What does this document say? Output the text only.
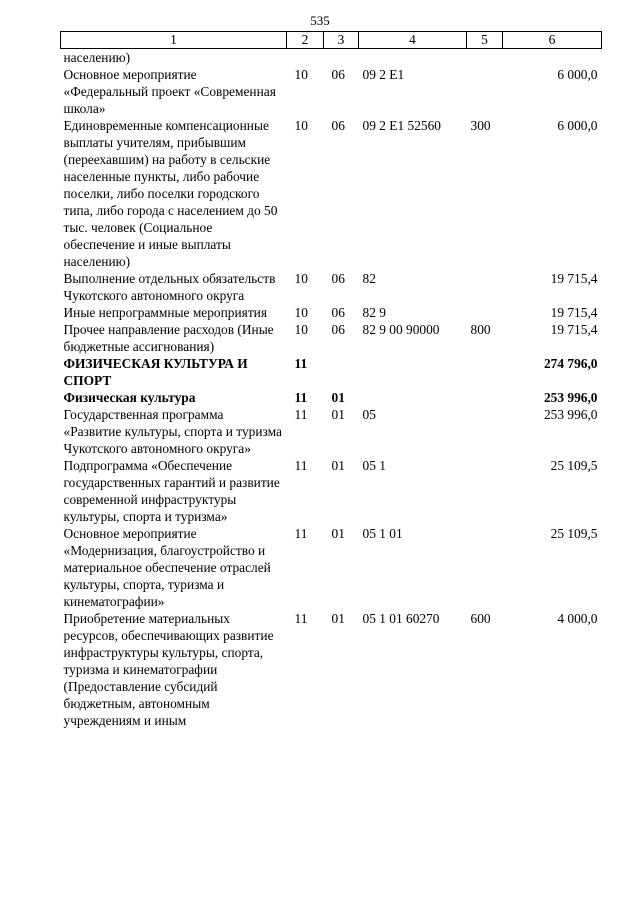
535
1	2	3	4	5	6
населению)					
Основное мероприятие «Федеральный проект «Современная школа»	10	06	09 2 E1		6 000,0
Единовременные компенсационные выплаты учителям, прибывшим (переехавшим) на работу в сельские населенные пункты, либо рабочие поселки, либо поселки городского типа, либо города с населением до 50 тыс. человек (Социальное обеспечение и иные выплаты населению)	10	06	09 2 E1 52560	300	6 000,0
Выполнение отдельных обязательств Чукотского автономного округа	10	06	82		19 715,4
Иные непрограммные мероприятия	10	06	82 9		19 715,4
Прочее направление расходов (Иные бюджетные ассигнования)	10	06	82 9 00 90000	800	19 715,4
ФИЗИЧЕСКАЯ КУЛЬТУРА И СПОРТ	11				274 796,0
Физическая культура	11	01			253 996,0
Государственная программа «Развитие культуры, спорта и туризма Чукотского автономного округа»	11	01	05		253 996,0
Подпрограмма «Обеспечение государственных гарантий и развитие современной инфраструктуры культуры, спорта и туризма»	11	01	05 1		25 109,5
Основное мероприятие «Модернизация, благоустройство и материальное обеспечение отраслей культуры, спорта, туризма и кинематографии»	11	01	05 1 01		25 109,5
Приобретение материальных ресурсов, обеспечивающих развитие инфраструктуры культуры, спорта, туризма и кинематографии (Предоставление субсидий бюджетным, автономным учреждениям и иным	11	01	05 1 01 60270	600	4 000,0
